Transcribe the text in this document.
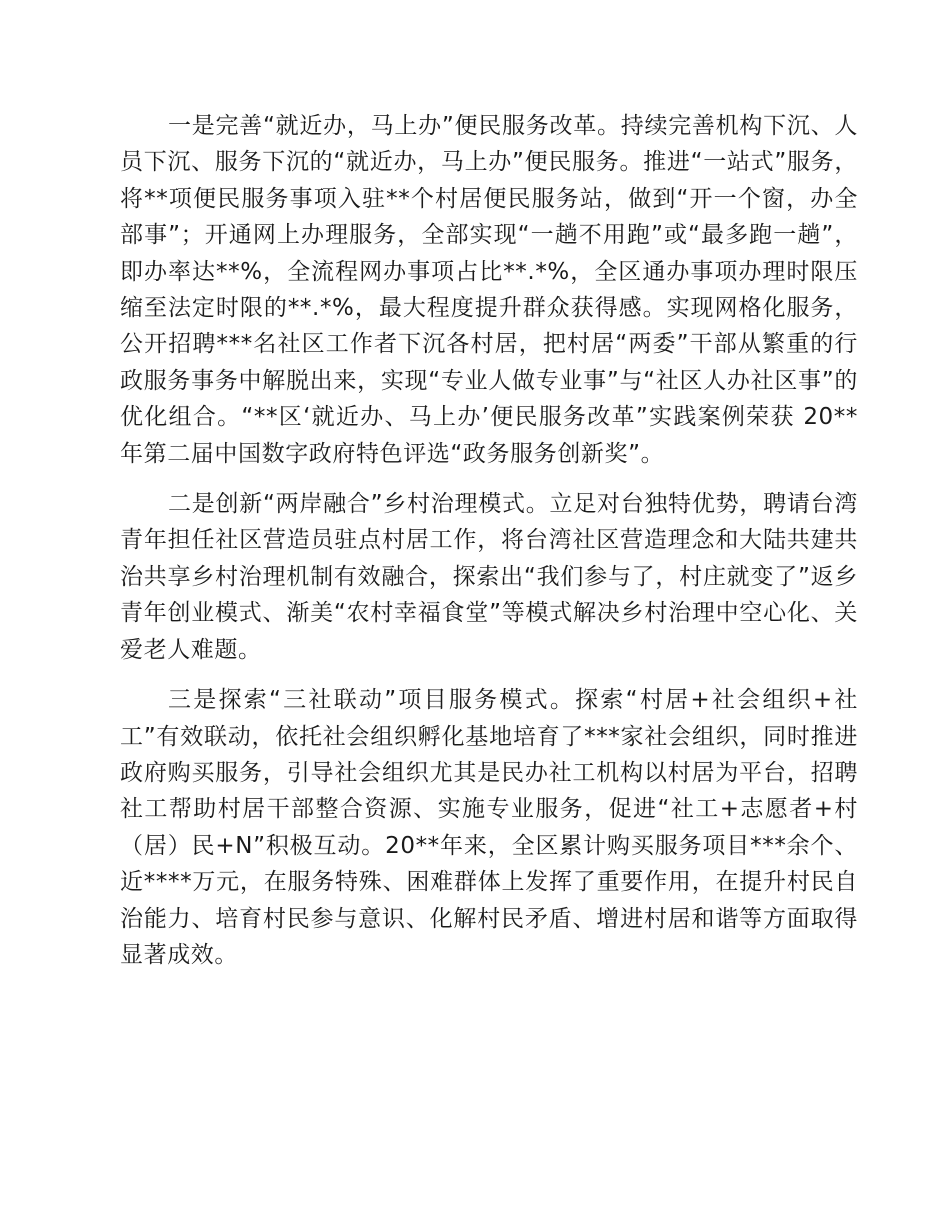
一是完善“就近办，马上办”便民服务改革。持续完善机构下沉、人员下沉、服务下沉的“就近办，马上办”便民服务。推进“一站式”服务，将**项便民服务事项入驻**个村居便民服务站，做到“开一个窗，办全部事”；开通网上办理服务，全部实现“一趟不用跑”或“最多跑一趟”，即办率达**%，全流程网办事项占比**.*%，全区通办事项办理时限压缩至法定时限的**.*%，最大程度提升群众获得感。实现网格化服务，公开招聘***名社区工作者下沉各村居，把村居“两委”干部从繁重的行政服务事务中解脱出来，实现“专业人做专业事”与“社区人办社区事”的优化组合。“**区‘就近办、马上办’便民服务改革”实践案例荣获 20**年第二届中国数字政府特色评选“政务服务创新奖”。

二是创新“两岸融合”乡村治理模式。立足对台独特优势，聘请台湾青年担任社区营造员驻点村居工作，将台湾社区营造理念和大陆共建共治共享乡村治理机制有效融合，探索出“我们参与了，村庄就变了”返乡青年创业模式、渐美“农村幸福食堂”等模式解决乡村治理中空心化、关爱老人难题。

三是探索“三社联动”项目服务模式。探索“村居+社会组织+社工”有效联动，依托社会组织孵化基地培育了***家社会组织，同时推进政府购买服务，引导社会组织尤其是民办社工机构以村居为平台，招聘社工帮助村居干部整合资源、实施专业服务，促进“社工+志愿者+村（居）民+N”积极互动。20**年来，全区累计购买服务项目***余个、近****万元，在服务特殊、困难群体上发挥了重要作用，在提升村民自治能力、培育村民参与意识、化解村民矛盾、增进村居和谐等方面取得显著成效。
